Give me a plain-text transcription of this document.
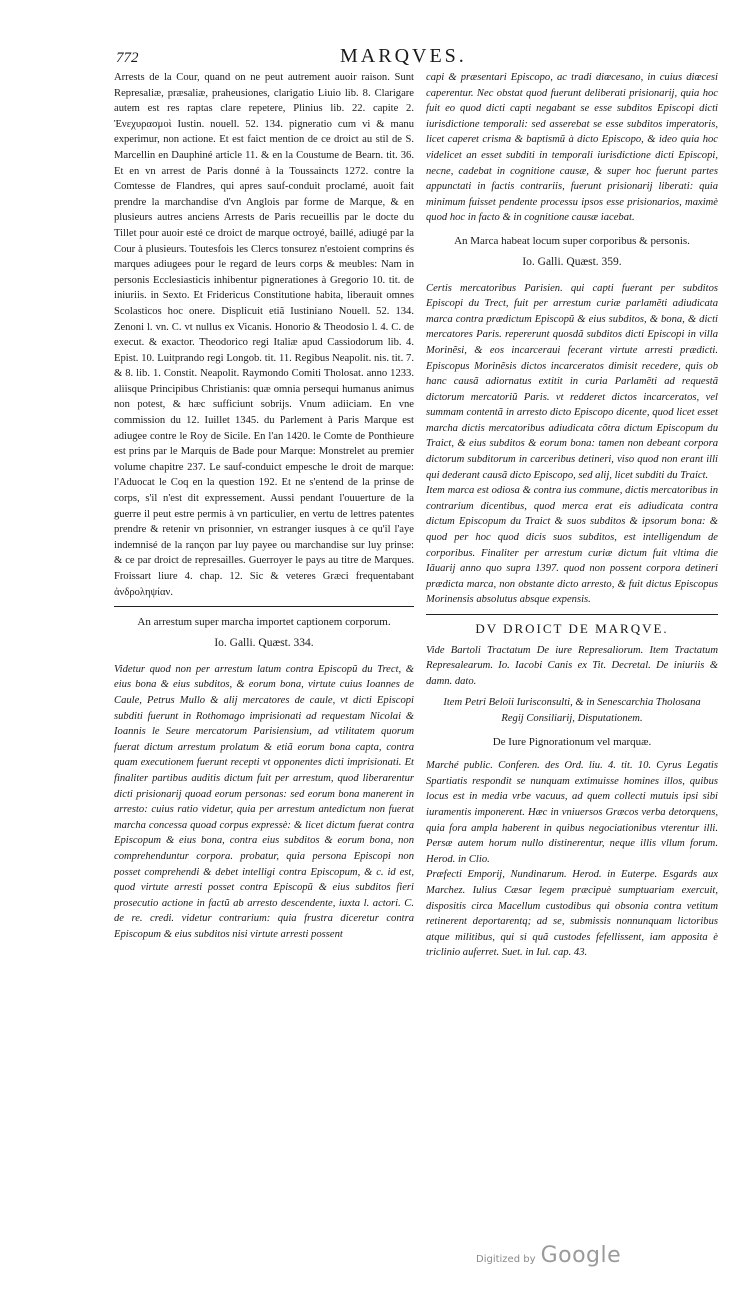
772	MARQVES.

Arrests de la Cour, quand on ne peut autrement auoir raison. Sunt Represaliæ, præsaliæ, praheusiones, clarigatio Liuio lib. 8. Clarigare autem est res raptas clare repetere, Plinius lib. 22. capite 2. Ἐνεχυρασμοὶ Iustin. nouell. 52. 134. pigneratio cum vi & manu experimur, non actione. Et est faict mention de ce droict au stil de S. Marcellin en Dauphiné article 11. & en la Coustume de Bearn. tit. 36. Et en vn arrest de Paris donné à la Toussaincts 1272. contre la Comtesse de Flandres, qui apres sauf-conduit proclamé, auoit fait prendre la marchandise d'vn Anglois par forme de Marque, & en plusieurs autres anciens Arrests de Paris recueillis par le docte du Tillet pour auoir esté ce droict de marque octroyé, baillé, adiugé par la Cour à plusieurs. Toutesfois les Clercs tonsurez n'estoient comprins és marques adiugees pour le regard de leurs corps & meubles: Nam in personis Ecclesiasticis inhibentur pignerationes à Gregorio 10. tit. de iniuriis. in Sexto. Et Fridericus Constitutione habita, liberauit omnes Scolasticos hoc onere. Displicuit etiã Iustiniano Nouell. 52. 134. Zenoni l. vn. C. vt nullus ex Vicanis. Honorio & Theodosio l. 4. C. de execut. & exactor. Theodorico regi Italiæ apud Cassiodorum lib. 4. Epist. 10. Luitprando regi Longob. tit. 11. Regibus Neapolit. nis. tit. 7. & 8. lib. 1. Constit. Neapolit. Raymondo Comiti Tholosat. anno 1233. aliisque Principibus Christianis: quæ omnia persequi humanus animus non potest, & hæc sufficiunt sobrijs. Vnum adiiciam. En vne commission du 12. Iuillet 1345. du Parlement à Paris Marque est adiugee contre le Roy de Sicile. En l'an 1420. le Comte de Ponthieure est prins par le Marquis de Bade pour Marque: Monstrelet au premier volume chapitre 237. Le sauf-conduict empesche le droit de marque: l'Aduocat le Coq en la question 192. Et ne s'entend de la prinse de corps, s'il n'est dit expressement. Aussi pendant l'ouuerture de la guerre il peut estre permis à vn particulier, en vertu de lettres patentes prendre & retenir vn prisonnier, vn estranger iusques à ce qu'il l'aye indemnisé de la rançon par luy payee ou marchandise sur luy prinse: & ce par droict de represailles. Guerroyer le pays au titre de Marques. Froissart liure 4. chap. 12. Sic & veteres Græci frequentabant ἀνδροληψίαν.

An arrestum super marcha importet captionem corporum.
Io. Galli. Quæst. 334.

Videtur quod non per arrestum latum contra Episcopũ du Trect, & eius bona & eius subditos, & eorum bona, virtute cuius Ioannes de Caule, Petrus Mullo & alij mercatores de caule, vt dicti Episcopi subditi fuerunt in Rothomago imprisionati ad requestam Nicolai & Ioannis le Seure mercatorum Parisiensium, ad vtilitatem quorum fuerat dictum arrestum prolatum & etiã eorum bona capta, contra quam executionem fuerunt recepti vt opponentes dicti imprisionati. Et finaliter partibus auditis dictum fuit per arrestum, quod liberarentur dicti prisionarij quoad eorum personas: sed eorum bona manerent in arresto: cuius ratio videtur, quia per arrestum antedictum non fuerat marcha concessa quoad corpus expressè: & licet dictum fuerat contra Episcopum & eius bona, contra eius subditos & eorum bona, non comprehenduntur corpora. probatur, quia persona Episcopi non posset comprehendi & debet intelligi contra Episcopum, & c. id est, quod virtute arresti posset contra Episcopũ & eius subditos fieri prosecutio actione in factũ ab arresto descendente, iuxta l. actori. C. de re. credi. videtur contrarium: quia frustra diceretur contra Episcopum & eius subditos nisi virtute arresti possent

capi & præsentari Episcopo, ac tradi diœcesano, in cuius diœcesi caperentur. Nec obstat quod fuerunt deliberati prisionarij, quia hoc fuit eo quod dicti capti negabant se esse subditos Episcopi dicti iurisdictione temporali: sed asserebat se esse subditos imperatoris, licet caperet crisma & baptismũ à dicto Episcopo, & ideo quia hoc videlicet an esset subditi in temporali iurisdictione dicti Episcopi, necne, cadebat in cognitione causæ, & super hoc fuerunt partes appunctati in factis contrariis, fuerunt prisionarij liberati: quia minimum fuisset pendente processu ipsos esse prisionarios, maximè quod hoc in facto & in cognitione causæ iacebat.

An Marca habeat locum super corporibus & personis.
Io. Galli. Quæst. 359.

Certis mercatoribus Parisien. qui capti fuerant per subditos Episcopi du Trect, fuit per arrestum curiæ parlamẽti adiudicata marca contra prædictum Episcopũ & eius subditos, & bona, & dicti mercatores Paris. repererunt quosdã subditos dicti Episcopi in villa Morinẽsi, & eos incarceraui fecerant virtute arresti prædicti. Episcopus Morinẽsis dictos incarceratos dimisit recedere, quis ob hanc causã adiornatus extitit in curia Parlamẽti ad requestã dictorum mercatoriũ Paris. vt redderet dictos incarceratos, vel summam contentã in arresto dicto Episcopo dicente, quod licet esset marcha dictis mercatoribus adiudicata cõtra dictum Episcopum du Traict, & eius subditos & eorum bona: tamen non debeant corpora dictorum subditorum in carceribus detineri, viso quod non erant illi qui dederant causã dicto Episcopo, sed alij, licet subditi du Traict.

Item marca est odiosa & contra ius commune, dictis mercatoribus in contrarium dicentibus, quod merca erat eis adiudicata contra dictum Episcopum du Traict & suos subditos & ipsorum bona: & quod per hoc quod dicis suos subditos, est intelligendum de corporibus. Finaliter per arrestum curiæ dictum fuit vltima die Iãuarij anno quo supra 1397. quod non possent corpora detineri prædicta marca, non obstante dicto arresto, & fuit dictus Episcopus Morinensis absolutus absque expensis.

DV DROICT DE MARQVE.

Vide Bartoli Tractatum De iure Represaliorum. Item Tractatum Represalearum. Io. Iacobi Canis ex Tit. Decretal. De iniuriis & damn. dato.

Item Petri Beloii Iurisconsulti, & in Senescarchia Tholosana Regij Consiliarij, Disputationem.

De Iure Pignorationum vel marquæ.

Marché public. Conferen. des Ord. liu. 4. tit. 10. Cyrus Legatis Spartiatis respondit se nunquam extimuisse homines illos, quibus locus est in media vrbe vacuus, ad quem collecti mutuis ipsi sibi iuramentis imponerent. Hæc in vniuersos Græcos verba detorquens, quia fora ampla haberent in quibus negociationibus vterentur illi. Persæ autem horum nullo distinerentur, neque illis vllum forum. Herod. in Clio.

Præfecti Emporij, Nundinarum. Herod. in Euterpe. Esgards aux Marchez. Iulius Cæsar legem præcipuè sumptuariam exercuit, dispositis circa Macellum custodibus qui obsonia contra vetitum retinerent deportarentq; ad se, submissis nonnunquam lictoribus atque militibus, qui si quã custodes fefellissent, iam apposita è triclinio auferret. Suet. in Iul. cap. 43.

Digitized by Google
